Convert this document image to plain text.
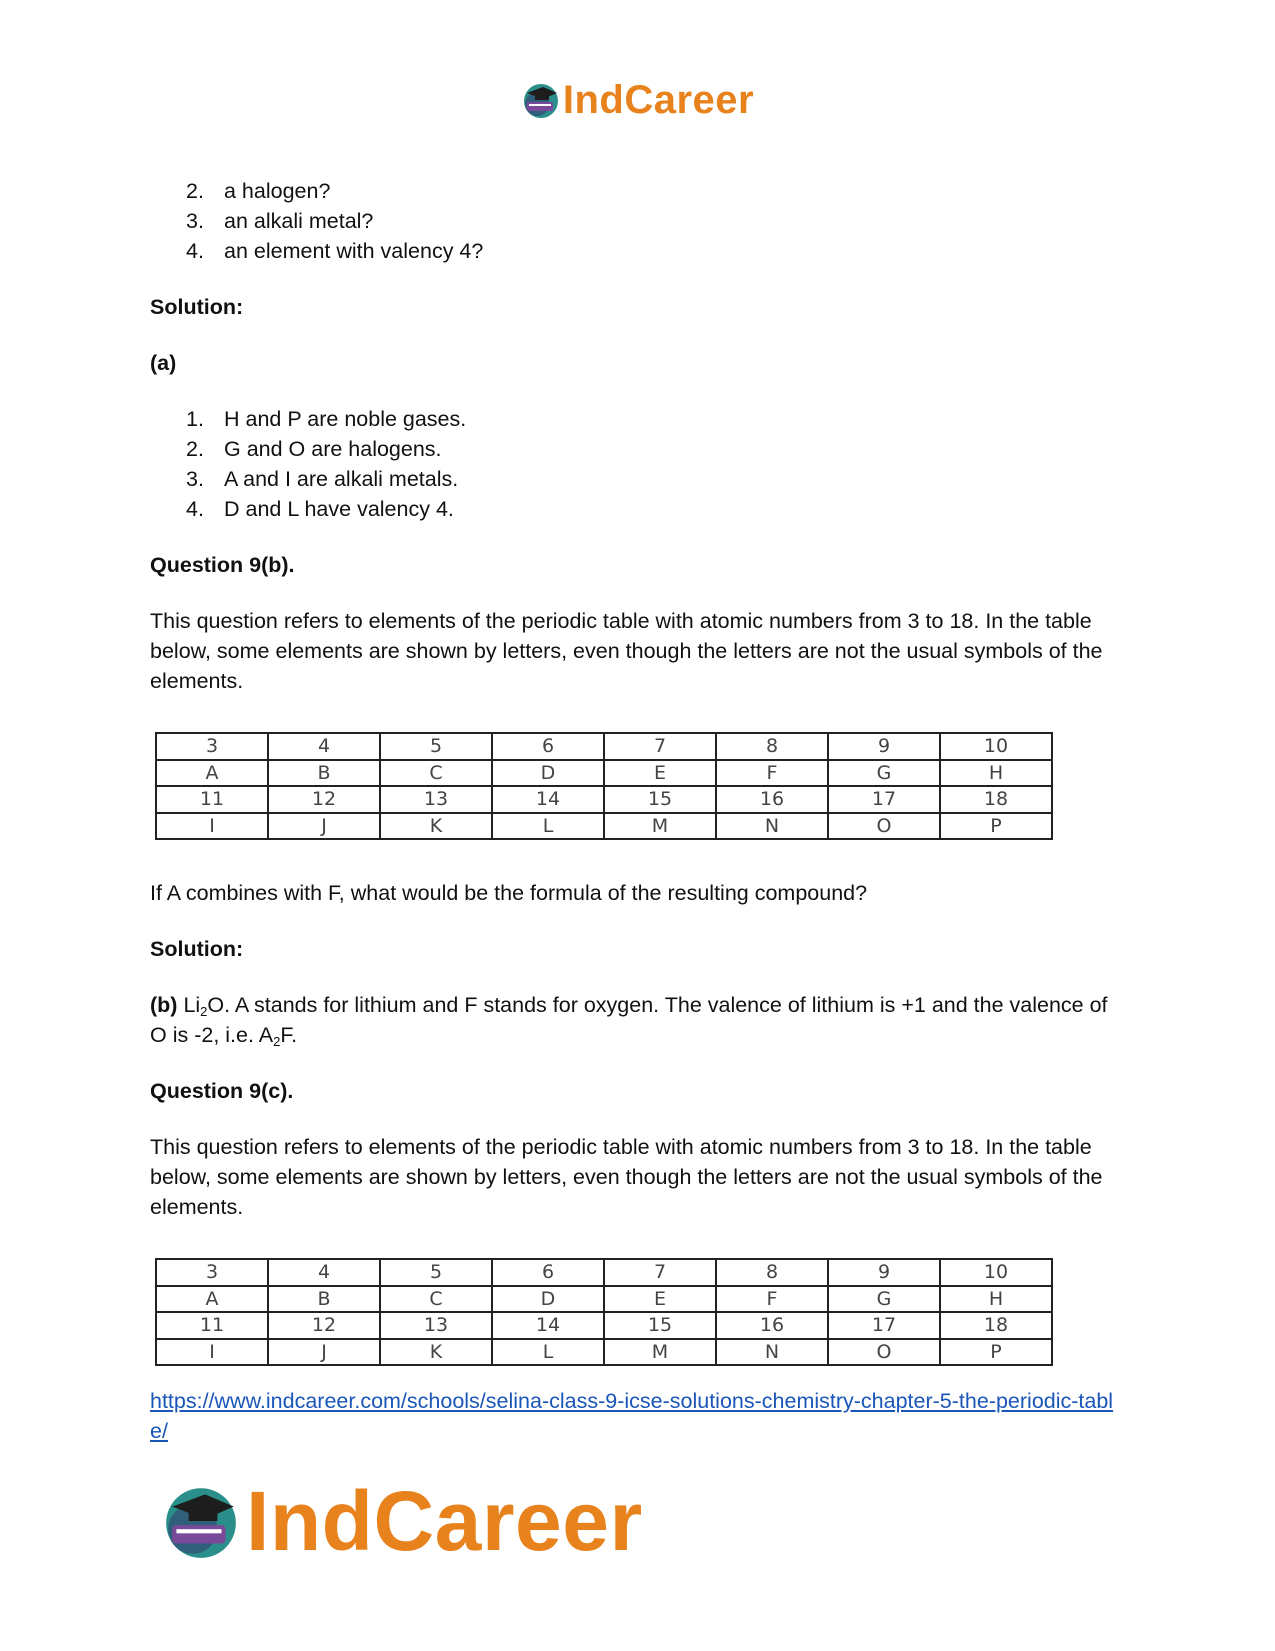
IndCareer
2. a halogen?
3. an alkali metal?
4. an element with valency 4?

Solution:

(a)

1. H and P are noble gases.
2. G and O are halogens.
3. A and I are alkali metals.
4. D and L have valency 4.

Question 9(b).

This question refers to elements of the periodic table with atomic numbers from 3 to 18. In the table below, some elements are shown by letters, even though the letters are not the usual symbols of the elements.

3	4	5	6	7	8	9	10
A	B	C	D	E	F	G	H
11	12	13	14	15	16	17	18
I	J	K	L	M	N	O	P

If A combines with F, what would be the formula of the resulting compound?

Solution:

(b) $Li_2O$. A stands for lithium and F stands for oxygen. The valence of lithium is +1 and the valence of O is -2, i.e. $A_2F$.

Question 9(c).

This question refers to elements of the periodic table with atomic numbers from 3 to 18. In the table below, some elements are shown by letters, even though the letters are not the usual symbols of the elements.

3	4	5	6	7	8	9	10
A	B	C	D	E	F	G	H
11	12	13	14	15	16	17	18
I	J	K	L	M	N	O	P
https://www.indcareer.com/schools/selina-class-9-icse-solutions-chemistry-chapter-5-the-periodic-table/
IndCareer
